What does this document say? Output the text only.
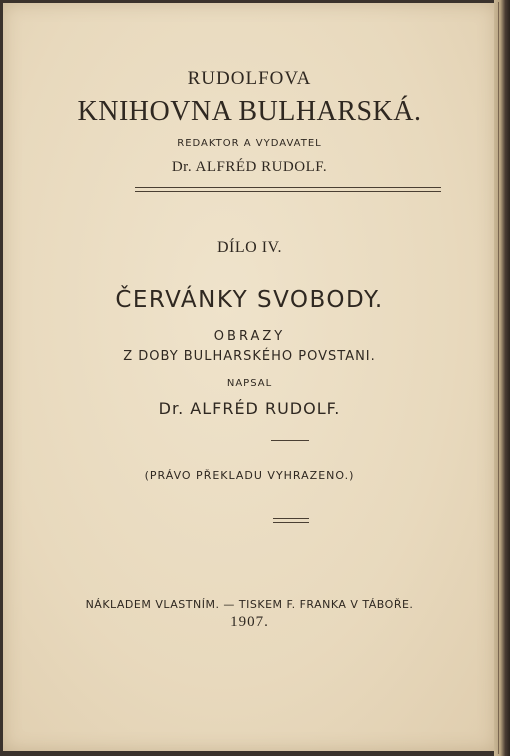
RUDOLFOVA
KNIHOVNA BULHARSKÁ.
REDAKTOR A VYDAVATEL
Dr. ALFRÉD RUDOLF.
DÍLO IV.
ČERVÁNKY SVOBODY.
OBRAZY
Z DOBY BULHARSKÉHO POVSTANI.
NAPSAL
Dr. ALFRÉD RUDOLF.
(PRÁVO PŘEKLADU VYHRAZENO.)
NÁKLADEM VLASTNÍM. — TISKEM F. FRANKA V TÁBOŘE.
1907.
